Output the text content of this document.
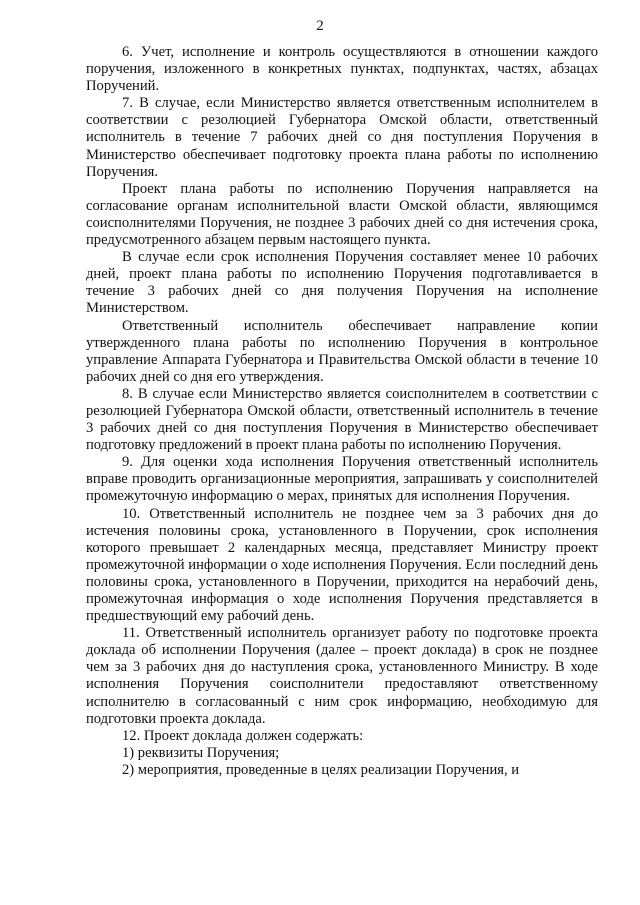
2

6. Учет, исполнение и контроль осуществляются в отношении каждого поручения, изложенного в конкретных пунктах, подпунктах, частях, абзацах Поручений.

7. В случае, если Министерство является ответственным исполнителем в соответствии с резолюцией Губернатора Омской области, ответственный исполнитель в течение 7 рабочих дней со дня поступления Поручения в Министерство обеспечивает подготовку проекта плана работы по исполнению Поручения.

Проект плана работы по исполнению Поручения направляется на согласование органам исполнительной власти Омской области, являющимся соисполнителями Поручения, не позднее 3 рабочих дней со дня истечения срока, предусмотренного абзацем первым настоящего пункта.

В случае если срок исполнения Поручения составляет менее 10 рабочих дней, проект плана работы по исполнению Поручения подготавливается в течение 3 рабочих дней со дня получения Поручения на исполнение Министерством.

Ответственный исполнитель обеспечивает направление копии утвержденного плана работы по исполнению Поручения в контрольное управление Аппарата Губернатора и Правительства Омской области в течение 10 рабочих дней со дня его утверждения.

8. В случае если Министерство является соисполнителем в соответствии с резолюцией Губернатора Омской области, ответственный исполнитель в течение 3 рабочих дней со дня поступления Поручения в Министерство обеспечивает подготовку предложений в проект плана работы по исполнению Поручения.

9. Для оценки хода исполнения Поручения ответственный исполнитель вправе проводить организационные мероприятия, запрашивать у соисполнителей промежуточную информацию о мерах, принятых для исполнения Поручения.

10. Ответственный исполнитель не позднее чем за 3 рабочих дня до истечения половины срока, установленного в Поручении, срок исполнения которого превышает 2 календарных месяца, представляет Министру проект промежуточной информации о ходе исполнения Поручения. Если последний день половины срока, установленного в Поручении, приходится на нерабочий день, промежуточная информация о ходе исполнения Поручения представляется в предшествующий ему рабочий день.

11. Ответственный исполнитель организует работу по подготовке проекта доклада об исполнении Поручения (далее – проект доклада) в срок не позднее чем за 3 рабочих дня до наступления срока, установленного Министру. В ходе исполнения Поручения соисполнители предоставляют ответственному исполнителю в согласованный с ним срок информацию, необходимую для подготовки проекта доклада.

12. Проект доклада должен содержать:

1) реквизиты Поручения;

2) мероприятия, проведенные в целях реализации Поручения, и
